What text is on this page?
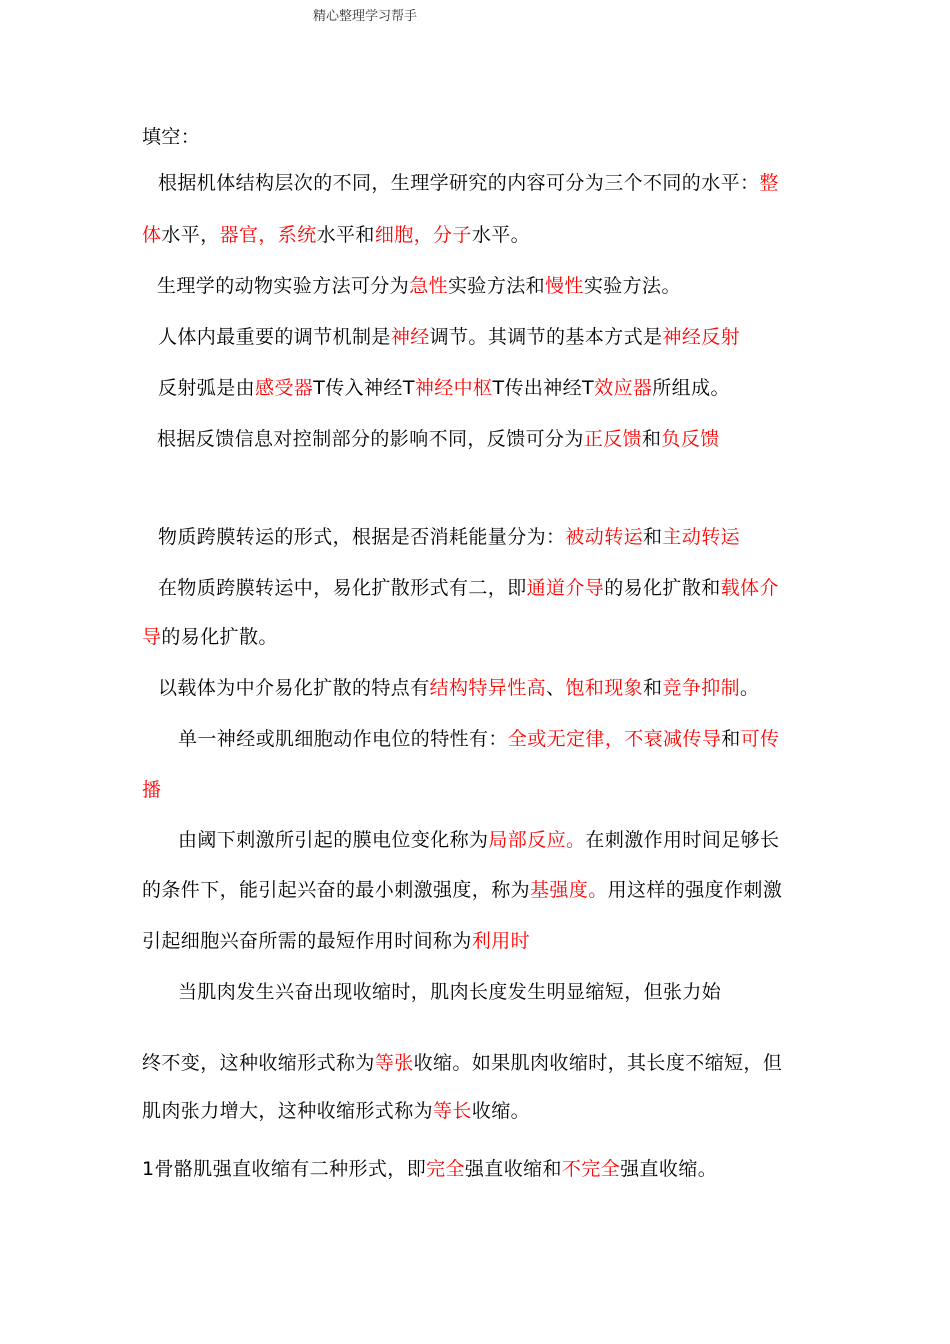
精心整理学习帮手
填空：
根据机体结构层次的不同，生理学研究的内容可分为三个不同的水平：整
体水平，器官，系统水平和细胞，分子水平。
生理学的动物实验方法可分为急性实验方法和慢性实验方法。
人体内最重要的调节机制是神经调节。其调节的基本方式是神经反射
反射弧是由感受器T传入神经T神经中枢T传出神经T效应器所组成。
根据反馈信息对控制部分的影响不同，反馈可分为正反馈和负反馈
物质跨膜转运的形式，根据是否消耗能量分为：被动转运和主动转运
在物质跨膜转运中，易化扩散形式有二，即通道介导的易化扩散和载体介
导的易化扩散。
以载体为中介易化扩散的特点有结构特异性高、饱和现象和竞争抑制。
单一神经或肌细胞动作电位的特性有：全或无定律，不衰减传导和可传
播
由阈下刺激所引起的膜电位变化称为局部反应。在刺激作用时间足够长
的条件下，能引起兴奋的最小刺激强度，称为基强度。用这样的强度作刺激
引起细胞兴奋所需的最短作用时间称为利用时
当肌肉发生兴奋出现收缩时，肌肉长度发生明显缩短，但张力始
终不变，这种收缩形式称为等张收缩。如果肌肉收缩时，其长度不缩短，但
肌肉张力增大，这种收缩形式称为等长收缩。
1骨骼肌强直收缩有二种形式，即完全强直收缩和不完全强直收缩。
